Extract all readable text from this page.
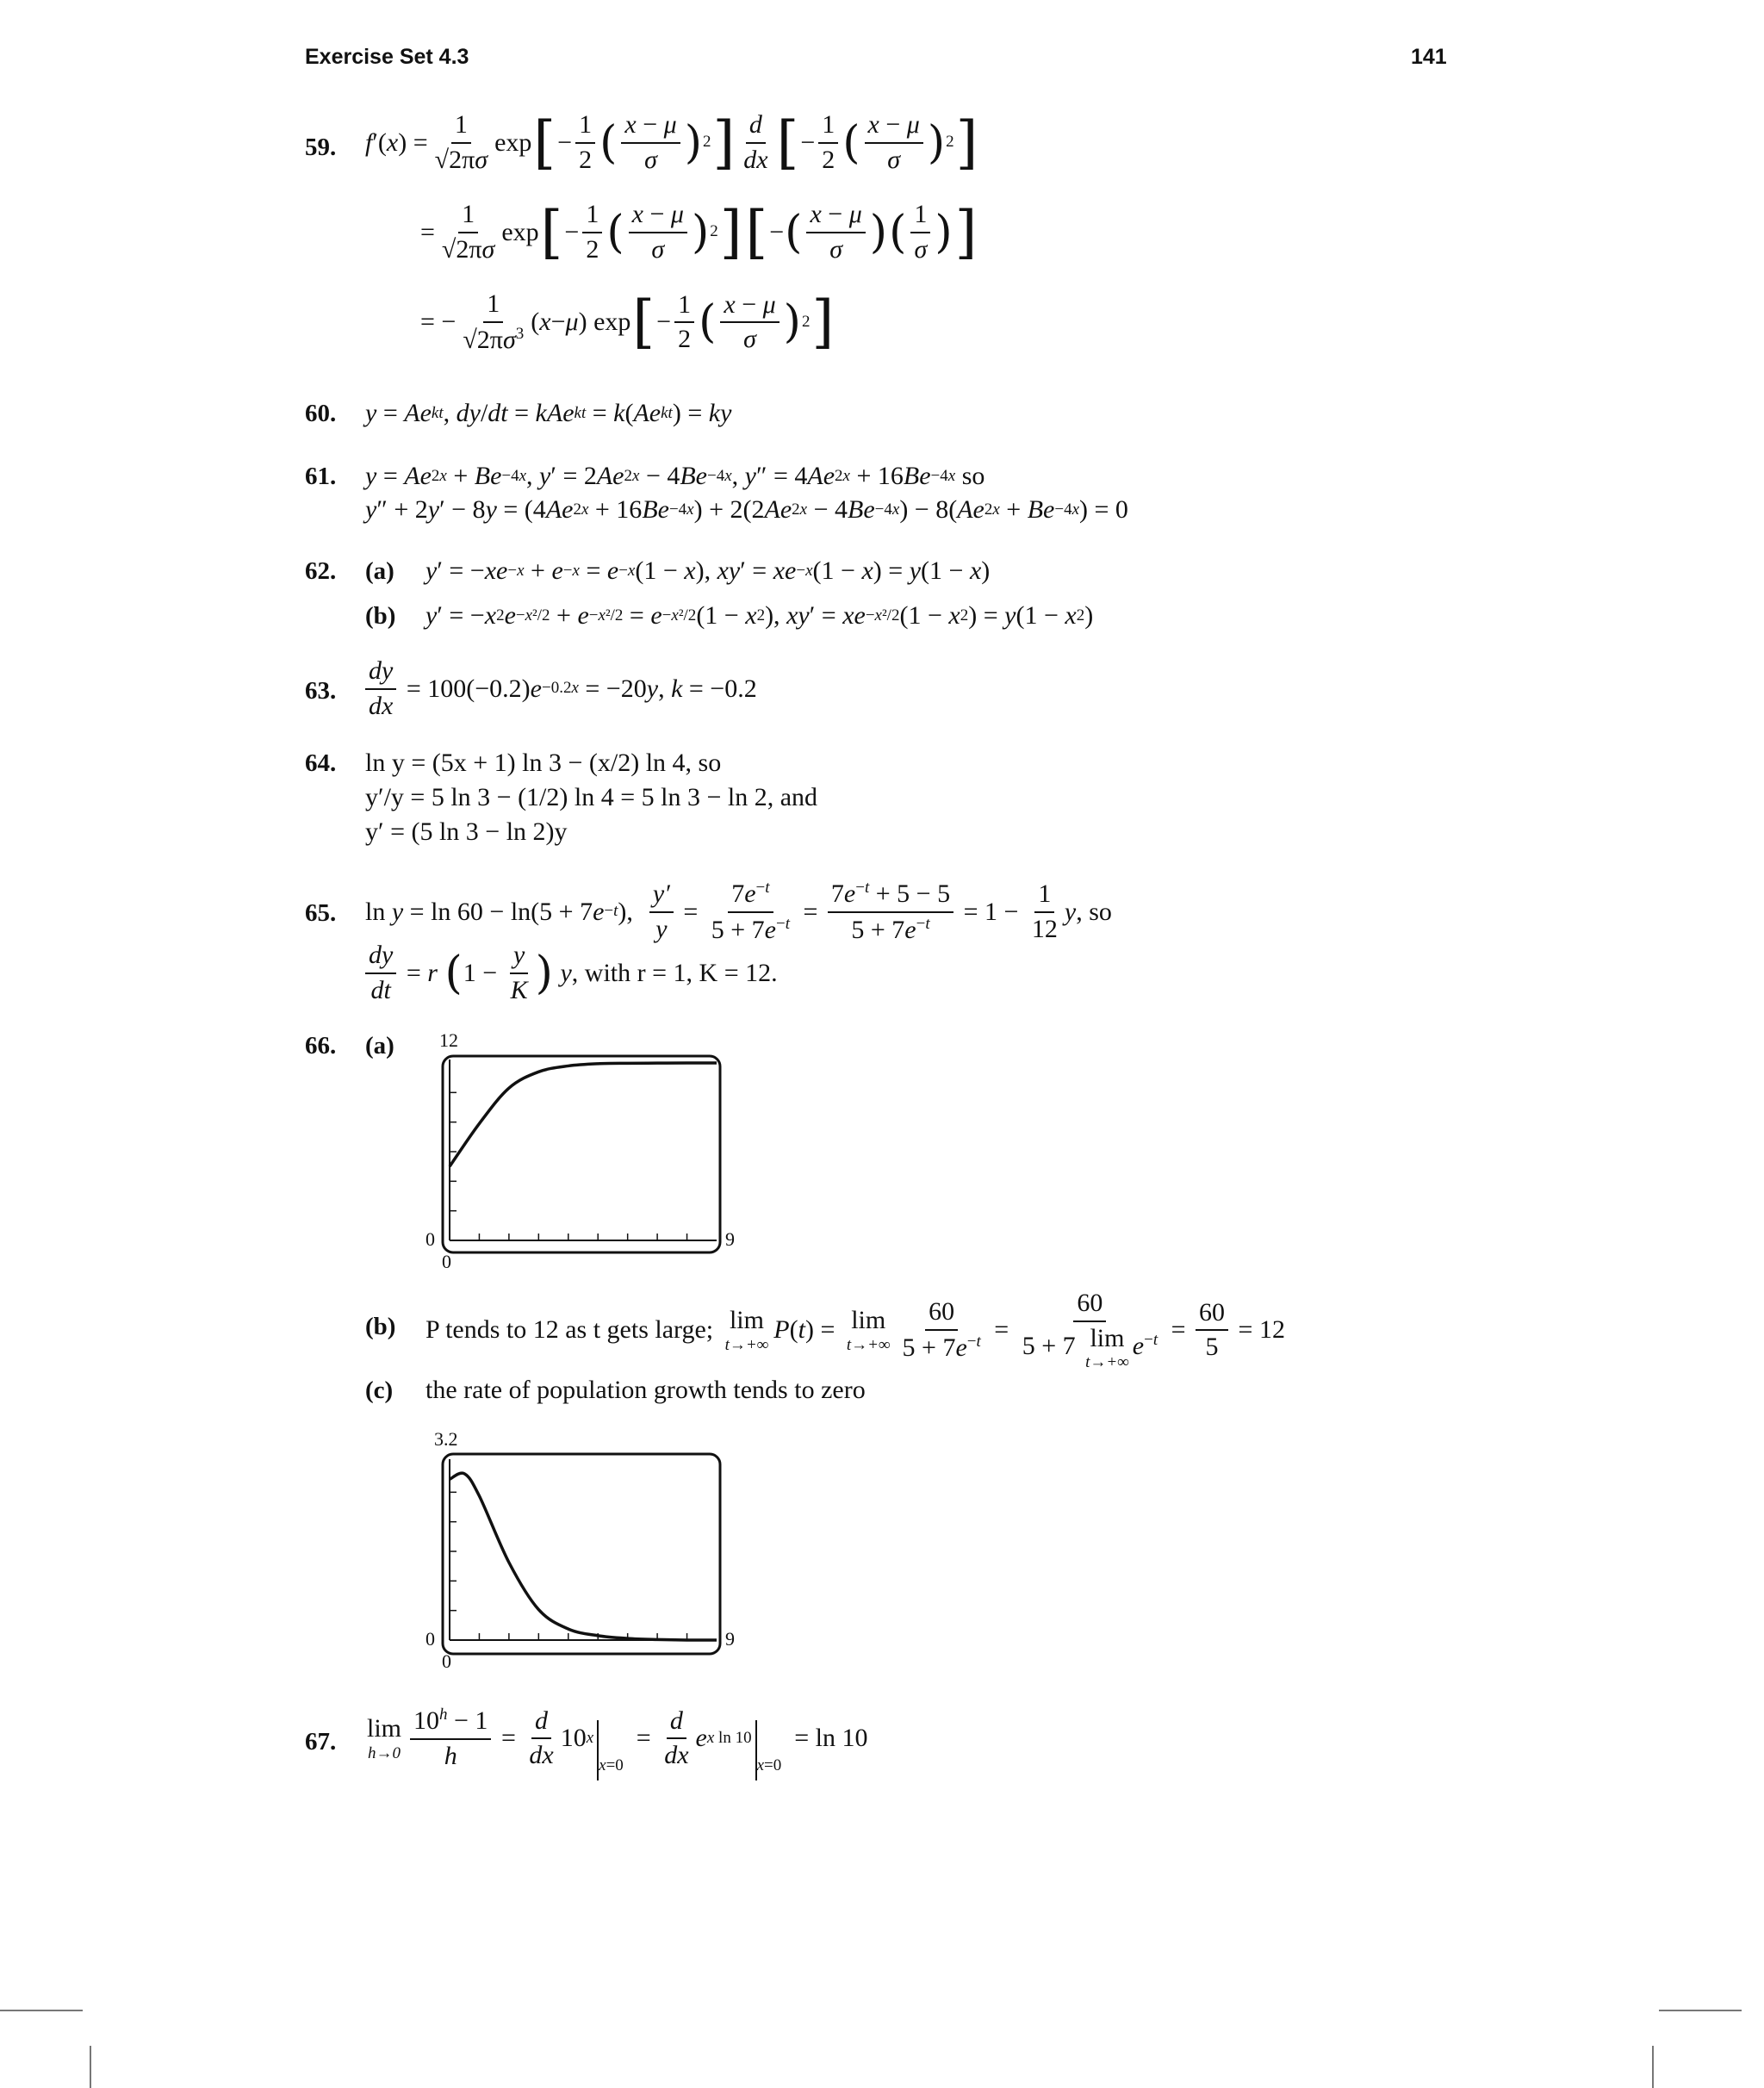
Exercise Set 4.3	141
59. f ′( x ) =
1
√2πσ
exp [ −
1
2 ( x − μ
σ ) 2 ] d
dx [ −
1
2 ( x − μ
σ ) 2 ]
=
1
√2πσ
exp [ −
1
2 ( x − μ
σ ) 2 ] [ − ( x − μ
σ ) ( 1
σ ) ]
= −
1
$√2\pi\sigma^3$ ( x − μ ) exp [ −
1
2 ( x − μ
σ ) 2 ]
60. y = Ae kt , dy / dt = kAe kt = k ( Ae kt ) = ky
61. y = Ae 2x + Be −4x , y ′ = 2 Ae 2x − 4 Be −4x , y ″ = 4 Ae 2x + 16 Be −4x so
y ″ + 2 y ′ − 8 y = (4 Ae 2x + 16 Be −4x ) + 2(2 Ae 2x − 4 Be −4x ) − 8( Ae 2x + Be −4x ) = 0
62. (a) y ′ = − xe −x + e −x = e −x (1 − x ), xy ′ = xe −x (1 − x ) = y (1 − x )
(b) y ′ = − x 2 e −x²/2 + e −x²/2 = e −x²/2 (1 − x 2 ), xy ′ = xe −x²/2 (1 − x 2 ) = y (1 − x 2 )
63.
dy
dx
= 100(−0.2) e −0.2x = −20 y , k = −0.2
64. ln y = (5x + 1) ln 3 − (x/2) ln 4, so
y′/y = 5 ln 3 − (1/2) ln 4 = 5 ln 3 − ln 2, and
y′ = (5 ln 3 − ln 2)y
65. ln y = ln 60 − ln(5 + 7 e −t ),
y′
y
=
$7e^{-t}$
$5 + 7e^{-t}$ =
$7e^{-t} + 5 - 5$
$5 + 7e^{-t} = 1$ −
1
12
y , so
dy
dt
= r
( 1 −
y
K )
y , with r = 1, K = 12.
66. (a) 12
0
0
9
(b) P tends to 12 as t gets large;
lim
t→+∞
P ( t ) = lim
t→+∞
60
$5 + 7e^{-t}$ =
60
5 + 7 lim
t→+∞
$e^{-t}$ =
60
5
= 12
(c) the rate of population growth tends to zero
3.2
0
0
9
67. lim
h→0
$10^h - 1$
h
=
d
dx
10 x
x =0
=
d
dx
e x ln 10
x =0
= ln 10
